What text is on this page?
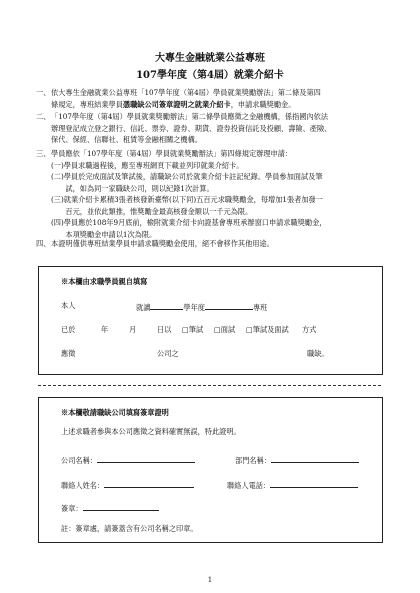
大專生金融就業公益專班
107學年度（第4屆）就業介紹卡
一、 依大專生金融就業公益專班「107學年度（第4屆）學員就業獎勵辦法」第二條及第四
條規定，專班結業學員憑職缺公司簽章證明之就業介紹卡，申請求職獎勵金。
二、 「107學年度（第4屆）學員就業獎勵辦法」第二條學員應徵之金融機構，係指國內依法
辦理登記成立登之銀行、信託、票券、證券、期貨、證券投資信託及投顧、壽險、產險、
保代、保經、信聯社、租賃等金融相關之機構。
三、 學員應依「107學年度（第4屆）學員就業獎勵辦法」第四條規定辦理申請：
(一)學員求職過程後，應至專班網頁下載並列印就業介紹卡。
(二)學員於完成面試及筆試後，請職缺公司於就業介紹卡註記紀錄。學員參加面試及筆
　　試，如為同一家職缺公司，則以紀錄1次計算。
(三)就業介紹卡累積3張者核發新臺幣(以下同)五百元求職獎勵金，每增加1張者加發一
　　百元，並依此類推，惟獎勵金最高核發金額以一千元為限。
(四)學員應於108年9月底前，檢附就業介紹卡向證基會專班承辦窗口申請求職獎勵金，
　　本項獎勵金申請以1次為限。
四、 本證明僅供專班結業學員申請求職獎勵金使用，絕不會移作其他用途。
※本欄由求職學員親自填寫
本人	就讀	學年度	專班
已於	年	月	日以 □筆試 □面試 □筆試及面試 方式
應徵	公司之	職缺。
※本欄敬請職缺公司填寫簽章證明
上述求職者參與本公司應徵之資料確實無誤，特此證明。
公司名稱：	部門名稱：
聯絡人姓名：	聯絡人電話：
簽章：
註：簽章處，請簽蓋含有公司名稱之印章。
1
